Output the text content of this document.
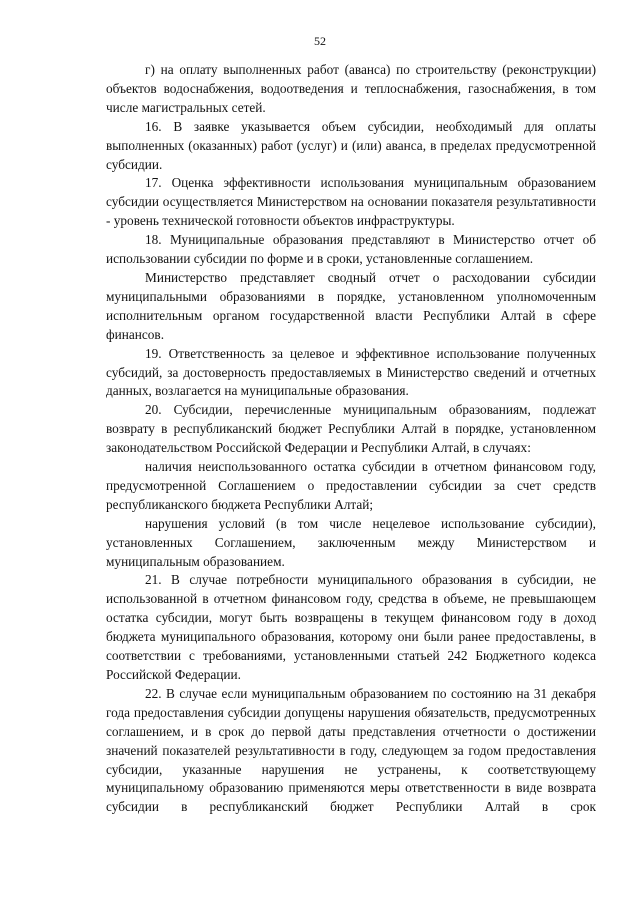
52

г) на оплату выполненных работ (аванса) по строительству (реконструкции) объектов водоснабжения, водоотведения и теплоснабжения, газоснабжения, в том числе магистральных сетей.

16. В заявке указывается объем субсидии, необходимый для оплаты выполненных (оказанных) работ (услуг) и (или) аванса, в пределах предусмотренной субсидии.

17. Оценка эффективности использования муниципальным образованием субсидии осуществляется Министерством на основании показателя результативности - уровень технической готовности объектов инфраструктуры.

18. Муниципальные образования представляют в Министерство отчет об использовании субсидии по форме и в сроки, установленные соглашением.

Министерство представляет сводный отчет о расходовании субсидии муниципальными образованиями в порядке, установленном уполномоченным исполнительным органом государственной власти Республики Алтай в сфере финансов.

19. Ответственность за целевое и эффективное использование полученных субсидий, за достоверность предоставляемых в Министерство сведений и отчетных данных, возлагается на муниципальные образования.

20. Субсидии, перечисленные муниципальным образованиям, подлежат возврату в республиканский бюджет Республики Алтай в порядке, установленном законодательством Российской Федерации и Республики Алтай, в случаях:

наличия неиспользованного остатка субсидии в отчетном финансовом году, предусмотренной Соглашением о предоставлении субсидии за счет средств республиканского бюджета Республики Алтай;

нарушения условий (в том числе нецелевое использование субсидии), установленных Соглашением, заключенным между Министерством и муниципальным образованием.

21. В случае потребности муниципального образования в субсидии, не использованной в отчетном финансовом году, средства в объеме, не превышающем остатка субсидии, могут быть возвращены в текущем финансовом году в доход бюджета муниципального образования, которому они были ранее предоставлены, в соответствии с требованиями, установленными статьей 242 Бюджетного кодекса Российской Федерации.

22. В случае если муниципальным образованием по состоянию на 31 декабря года предоставления субсидии допущены нарушения обязательств, предусмотренных соглашением, и в срок до первой даты представления отчетности о достижении значений показателей результативности в году, следующем за годом предоставления субсидии, указанные нарушения не устранены, к соответствующему муниципальному образованию применяются меры ответственности в виде возврата субсидии в республиканский бюджет Республики Алтай в срок
